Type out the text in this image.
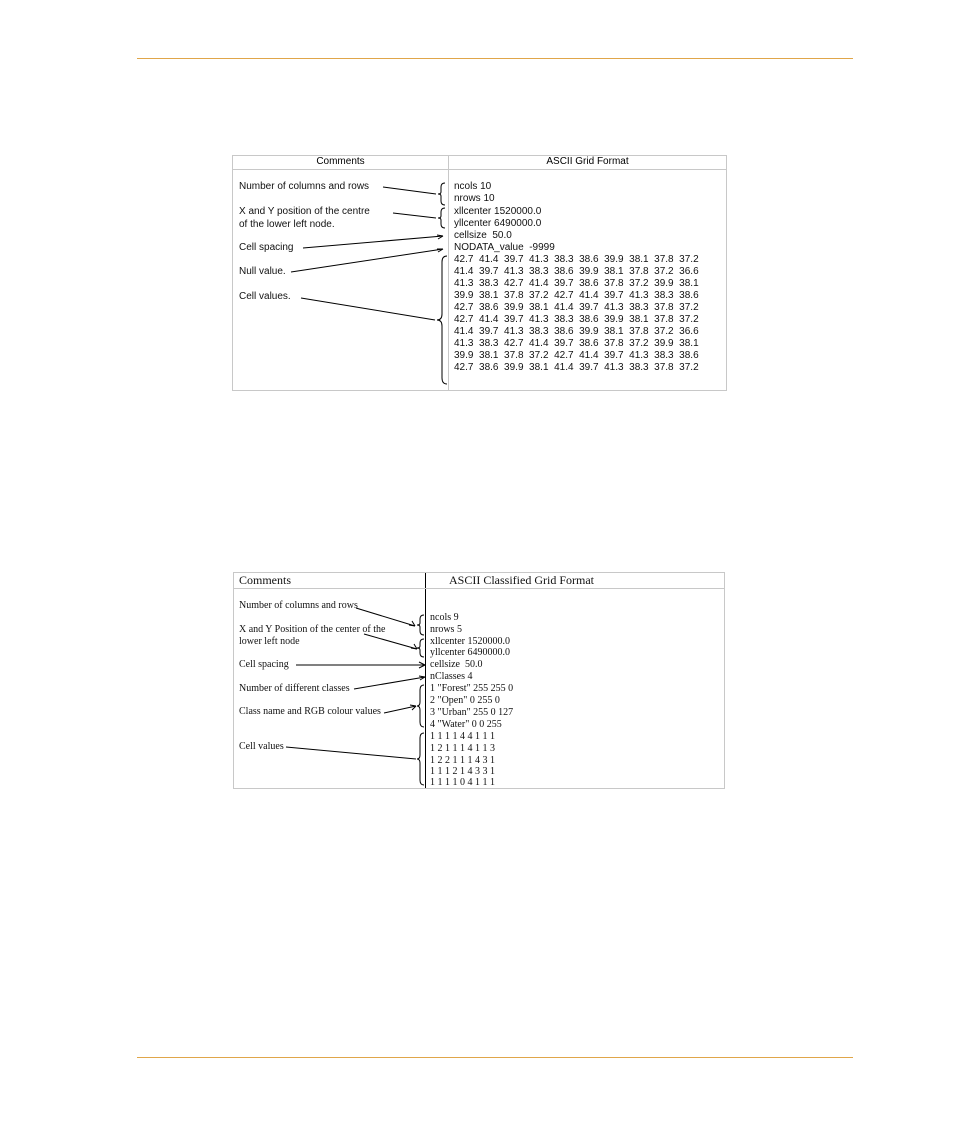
Comments	ASCII Grid Format
Number of columns and rows
X and Y position of the centre
of the lower left node.
Cell spacing
Null value.
Cell values.
ncols 10
nrows 10
xllcenter 1520000.0
yllcenter 6490000.0
cellsize  50.0
NODATA_value  -9999
42.7  41.4  39.7  41.3  38.3  38.6  39.9  38.1  37.8  37.2
41.4  39.7  41.3  38.3  38.6  39.9  38.1  37.8  37.2  36.6
41.3  38.3  42.7  41.4  39.7  38.6  37.8  37.2  39.9  38.1
39.9  38.1  37.8  37.2  42.7  41.4  39.7  41.3  38.3  38.6
42.7  38.6  39.9  38.1  41.4  39.7  41.3  38.3  37.8  37.2
42.7  41.4  39.7  41.3  38.3  38.6  39.9  38.1  37.8  37.2
41.4  39.7  41.3  38.3  38.6  39.9  38.1  37.8  37.2  36.6
41.3  38.3  42.7  41.4  39.7  38.6  37.8  37.2  39.9  38.1
39.9  38.1  37.8  37.2  42.7  41.4  39.7  41.3  38.3  38.6
42.7  38.6  39.9  38.1  41.4  39.7  41.3  38.3  37.8  37.2
Comments	ASCII Classified Grid Format
Number of columns and rows
X and Y Position of the center of the
lower left node
Cell spacing
Number of different classes
Class name and RGB colour values
Cell values
ncols 9
nrows 5
xllcenter 1520000.0
yllcenter 6490000.0
cellsize  50.0
nClasses 4
1 "Forest" 255 255 0
2 "Open" 0 255 0
3 "Urban" 255 0 127
4 "Water" 0 0 255
1 1 1 1 4 4 1 1 1
1 2 1 1 1 4 1 1 3
1 2 2 1 1 1 4 3 1
1 1 1 2 1 4 3 3 1
1 1 1 1 0 4 1 1 1
